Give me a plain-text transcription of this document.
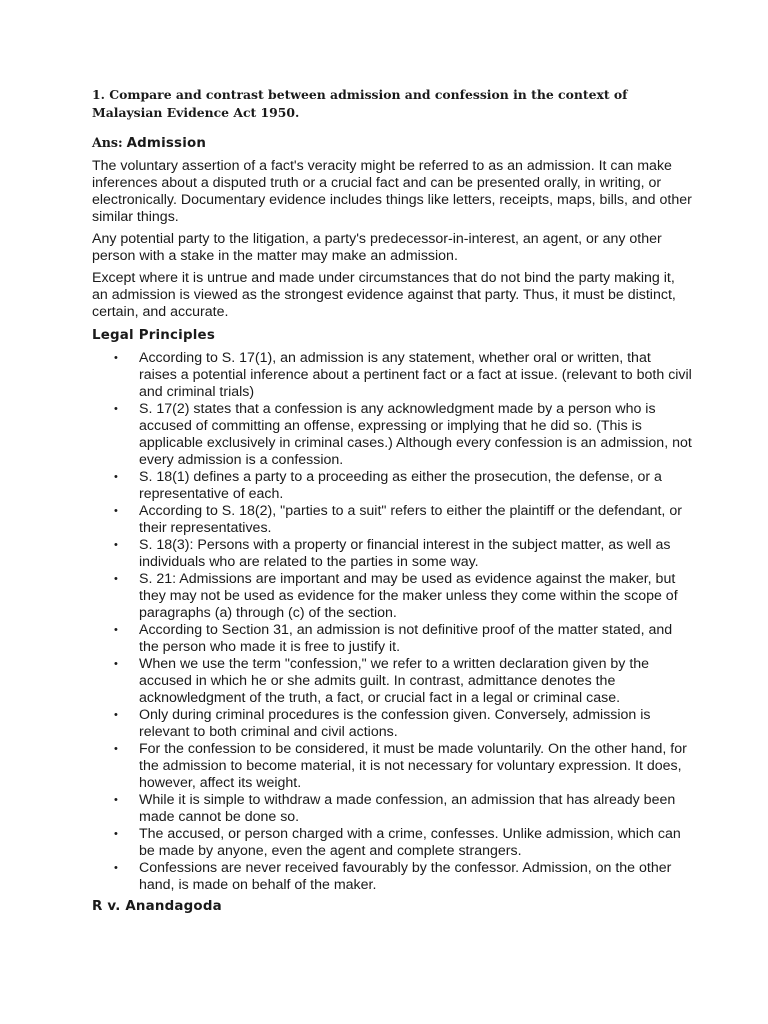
1. Compare and contrast between admission and confession in the context of Malaysian Evidence Act 1950.

Ans: Admission

The voluntary assertion of a fact's veracity might be referred to as an admission. It can make inferences about a disputed truth or a crucial fact and can be presented orally, in writing, or electronically. Documentary evidence includes things like letters, receipts, maps, bills, and other similar things.

Any potential party to the litigation, a party's predecessor-in-interest, an agent, or any other person with a stake in the matter may make an admission.

Except where it is untrue and made under circumstances that do not bind the party making it, an admission is viewed as the strongest evidence against that party. Thus, it must be distinct, certain, and accurate.

Legal Principles
• According to S. 17(1), an admission is any statement, whether oral or written, that raises a potential inference about a pertinent fact or a fact at issue. (relevant to both civil and criminal trials)
• S. 17(2) states that a confession is any acknowledgment made by a person who is accused of committing an offense, expressing or implying that he did so. (This is applicable exclusively in criminal cases.) Although every confession is an admission, not every admission is a confession.
• S. 18(1) defines a party to a proceeding as either the prosecution, the defense, or a representative of each.
• According to S. 18(2), "parties to a suit" refers to either the plaintiff or the defendant, or their representatives.
• S. 18(3): Persons with a property or financial interest in the subject matter, as well as individuals who are related to the parties in some way.
• S. 21: Admissions are important and may be used as evidence against the maker, but they may not be used as evidence for the maker unless they come within the scope of paragraphs (a) through (c) of the section.
• According to Section 31, an admission is not definitive proof of the matter stated, and the person who made it is free to justify it.
• When we use the term "confession," we refer to a written declaration given by the accused in which he or she admits guilt. In contrast, admittance denotes the acknowledgment of the truth, a fact, or crucial fact in a legal or criminal case.
• Only during criminal procedures is the confession given. Conversely, admission is relevant to both criminal and civil actions.
• For the confession to be considered, it must be made voluntarily. On the other hand, for the admission to become material, it is not necessary for voluntary expression. It does, however, affect its weight.
• While it is simple to withdraw a made confession, an admission that has already been made cannot be done so.
• The accused, or person charged with a crime, confesses. Unlike admission, which can be made by anyone, even the agent and complete strangers.
• Confessions are never received favourably by the confessor. Admission, on the other hand, is made on behalf of the maker.
R v. Anandagoda
